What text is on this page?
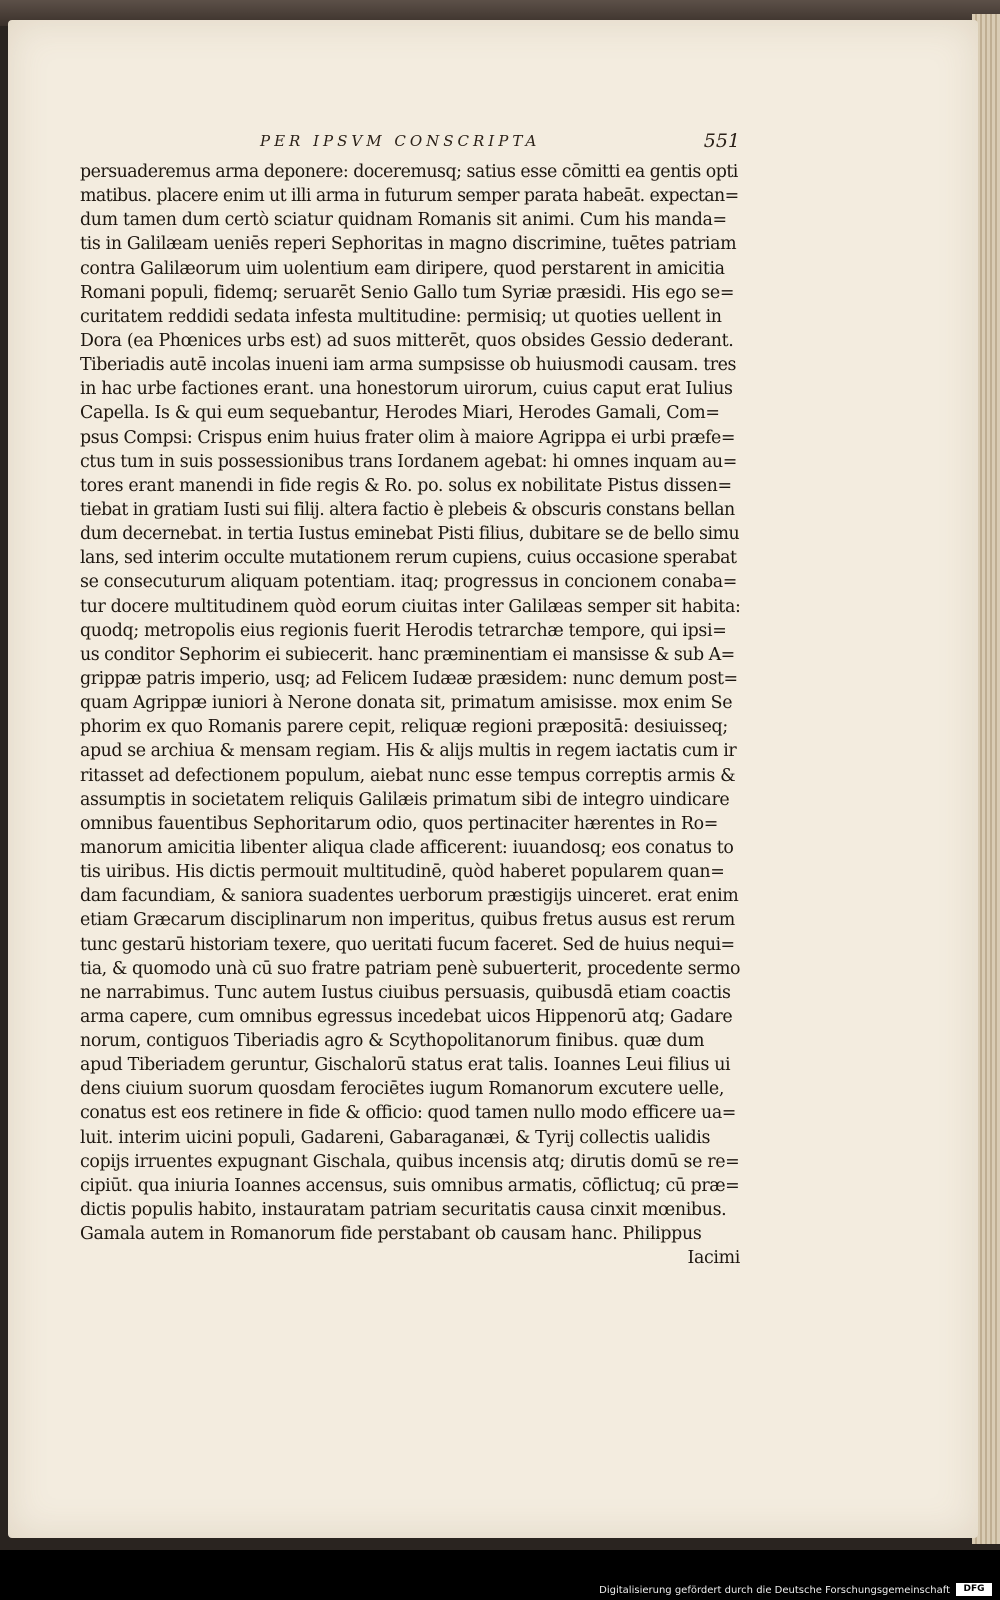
PER IPSVM CONSCRIPTA	551
persuaderemus arma deponere: doceremusq; satius esse cōmitti ea gentis opti
matibus. placere enim ut illi arma in futurum semper parata habeāt. expectan=
dum tamen dum certò sciatur quidnam Romanis sit animi. Cum his manda=
tis in Galilæam ueniēs reperi Sephoritas in magno discrimine, tuētes patriam
contra Galilæorum uim uolentium eam diripere, quod perstarent in amicitia
Romani populi, fidemq; seruarēt Senio Gallo tum Syriæ præsidi. His ego se=
curitatem reddidi sedata infesta multitudine: permisiq; ut quoties uellent in
Dora (ea Phœnices urbs est) ad suos mitterēt, quos obsides Gessio dederant.
Tiberiadis autē incolas inueni iam arma sumpsisse ob huiusmodi causam. tres
in hac urbe factiones erant. una honestorum uirorum, cuius caput erat Iulius
Capella. Is & qui eum sequebantur, Herodes Miari, Herodes Gamali, Com=
psus Compsi: Crispus enim huius frater olim à maiore Agrippa ei urbi præfe=
ctus tum in suis possessionibus trans Iordanem agebat: hi omnes inquam au=
tores erant manendi in fide regis & Ro. po. solus ex nobilitate Pistus dissen=
tiebat in gratiam Iusti sui filij. altera factio è plebeis & obscuris constans bellan
dum decernebat. in tertia Iustus eminebat Pisti filius, dubitare se de bello simu
lans, sed interim occulte mutationem rerum cupiens, cuius occasione sperabat
se consecuturum aliquam potentiam. itaq; progressus in concionem conaba=
tur docere multitudinem quòd eorum ciuitas inter Galilæas semper sit habita:
quodq; metropolis eius regionis fuerit Herodis tetrarchæ tempore, qui ipsi=
us conditor Sephorim ei subiecerit. hanc præminentiam ei mansisse & sub A=
grippæ patris imperio, usq; ad Felicem Iudææ præsidem: nunc demum post=
quam Agrippæ iuniori à Nerone donata sit, primatum amisisse. mox enim Se
phorim ex quo Romanis parere cepit, reliquæ regioni præpositā: desiuisseq;
apud se archiua & mensam regiam. His & alijs multis in regem iactatis cum ir
ritasset ad defectionem populum, aiebat nunc esse tempus correptis armis &
assumptis in societatem reliquis Galilæis primatum sibi de integro uindicare
omnibus fauentibus Sephoritarum odio, quos pertinaciter hærentes in Ro=
manorum amicitia libenter aliqua clade afficerent: iuuandosq; eos conatus to
tis uiribus. His dictis permouit multitudinē, quòd haberet popularem quan=
dam facundiam, & saniora suadentes uerborum præstigijs uinceret. erat enim
etiam Græcarum disciplinarum non imperitus, quibus fretus ausus est rerum
tunc gestarū historiam texere, quo ueritati fucum faceret. Sed de huius nequi=
tia, & quomodo unà cū suo fratre patriam penè subuerterit, procedente sermo
ne narrabimus. Tunc autem Iustus ciuibus persuasis, quibusdā etiam coactis
arma capere, cum omnibus egressus incedebat uicos Hippenorū atq; Gadare
norum, contiguos Tiberiadis agro & Scythopolitanorum finibus. quæ dum
apud Tiberiadem geruntur, Gischalorū status erat talis. Ioannes Leui filius ui
dens ciuium suorum quosdam ferociētes iugum Romanorum excutere uelle,
conatus est eos retinere in fide & officio: quod tamen nullo modo efficere ua=
luit. interim uicini populi, Gadareni, Gabaraganæi, & Tyrij collectis ualidis
copijs irruentes expugnant Gischala, quibus incensis atq; dirutis domū se re=
cipiūt. qua iniuria Ioannes accensus, suis omnibus armatis, cōflictuq; cū præ=
dictis populis habito, instauratam patriam securitatis causa cinxit mœnibus.
Gamala autem in Romanorum fide perstabant ob causam hanc. Philippus
Iacimi
Digitalisierung gefördert durch die Deutsche Forschungsgemeinschaft	DFG
